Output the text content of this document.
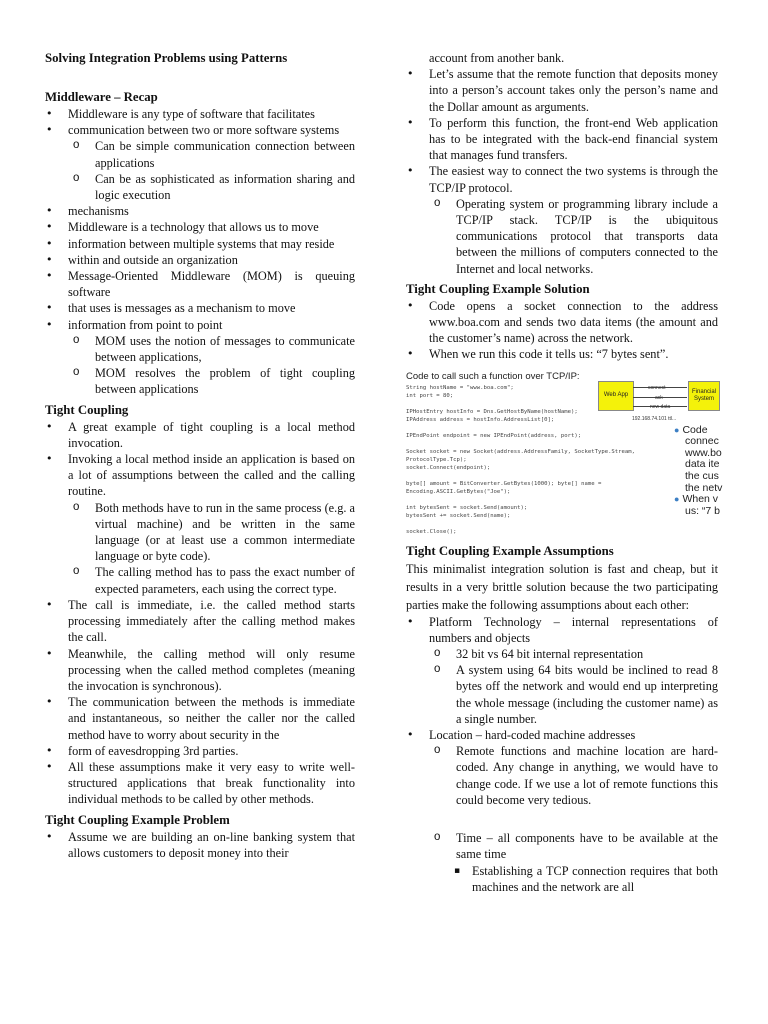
Solving Integration Problems using Patterns
Middleware – Recap
• Middleware is any type of software that facilitates
• communication between two or more software systems
o Can be simple communication connection between applications
o Can be as sophisticated as information sharing and logic execution
• mechanisms
• Middleware is a technology that allows us to move
• information between multiple systems that may reside
• within and outside an organization
• Message-Oriented Middleware (MOM) is queuing software
• that uses is messages as a mechanism to move
• information from point to point
o MOM uses the notion of messages to communicate between applications,
o MOM resolves the problem of tight coupling between applications
Tight Coupling
• A great example of tight coupling is a local method invocation.
• Invoking a local method inside an application is based on a lot of assumptions between the called and the calling routine.
o Both methods have to run in the same process (e.g. a virtual machine) and be written in the same language (or at least use a common intermediate language or byte code).
o The calling method has to pass the exact number of expected parameters, each using the correct type.
• The call is immediate, i.e. the called method starts processing immediately after the calling method makes the call.
• Meanwhile, the calling method will only resume processing when the called method completes (meaning the invocation is synchronous).
• The communication between the methods is immediate and instantaneous, so neither the caller nor the called method have to worry about security in the
• form of eavesdropping 3rd parties.
• All these assumptions make it very easy to write well-structured applications that break functionality into individual methods to be called by other methods.
Tight Coupling Example Problem
• Assume we are building an on-line banking system that allows customers to deposit money into their

account from another bank.

• Let’s assume that the remote function that deposits money into a person’s account takes only the person’s name and the Dollar amount as arguments.
• To perform this function, the front-end Web application has to be integrated with the back-end financial system that manages fund transfers.
• The easiest way to connect the two systems is through the TCP/IP protocol.
o Operating system or programming library include a TCP/IP stack. TCP/IP is the ubiquitous communications protocol that transports data between the millions of computers connected to the Internet and local networks.
Tight Coupling Example Solution
• Code opens a socket connection to the address www.boa.com and sends two data items (the amount and the customer’s name) across the network.
• When we run this code it tells us: “7 bytes sent”.
Code to call such a function over TCP/IP:
String hostName = "www.boa.com";
int port = 80;
IPHostEntry hostInfo = Dns.GetHostByName(hostName);
IPAddress address = hostInfo.AddressList[0];
IPEndPoint endpoint = new IPEndPoint(address, port);
Socket socket = new Socket(address.AddressFamily, SocketType.Stream,
ProtocolType.Tcp);
socket.Connect(endpoint);
byte[] amount = BitConverter.GetBytes(1000); byte[] name =
Encoding.ASCII.GetBytes("Joe");
int bytesSent = socket.Send(amount);
bytesSent += socket.Send(name);
socket.Close();
Web App
Financial System
connect
ack
new data
192.168.74.101 ttl...
● Code
connec
www.bo
data ite
the cus
the netv
● When v
us: “7 b
Tight Coupling Example Assumptions

This minimalist integration solution is fast and cheap, but it results in a very brittle solution because the two participating parties make the following assumptions about each other:

• Platform Technology – internal representations of numbers and objects
o 32 bit vs 64 bit internal representation
o A system using 64 bits would be inclined to read 8 bytes off the network and would end up interpreting the whole message (including the customer name) as a single number.
• Location – hard-coded machine addresses
o Remote functions and machine location are hard-coded. Any change in anything, we would have to change code. If we use a lot of remote functions this could become very tedious.
o Time – all components have to be available at the same time
▪ Establishing a TCP connection requires that both machines and the network are all
